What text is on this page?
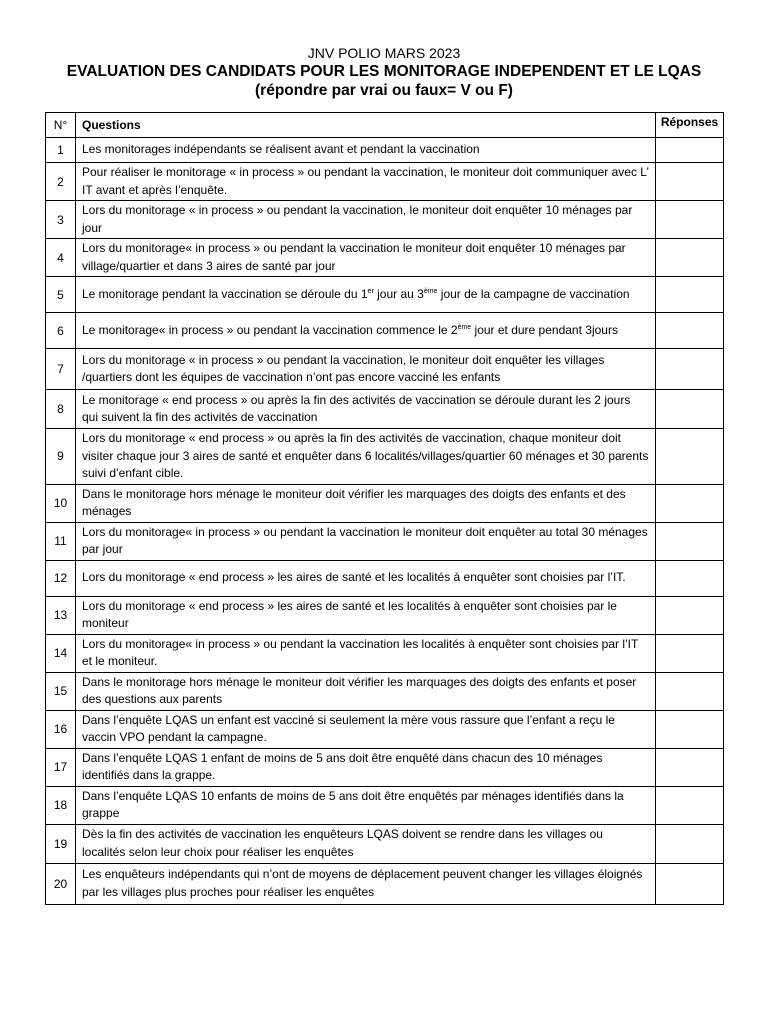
JNV POLIO MARS 2023
EVALUATION DES CANDIDATS POUR LES MONITORAGE INDEPENDENT ET LE LQAS (répondre par vrai ou faux= V ou F)
N°	Questions	Réponses
1	Les monitorages indépendants se réalisent avant et pendant la vaccination	
2	Pour réaliser le monitorage « in process » ou pendant la vaccination, le moniteur doit communiquer avec L’ IT avant et après l’enquête.	
3	Lors du monitorage « in process » ou pendant la vaccination, le moniteur doit enquêter 10 ménages par jour	
4	Lors du monitorage« in process » ou pendant la vaccination le moniteur doit enquêter 10 ménages par village/quartier et dans 3 aires de santé par jour	
5	Le monitorage pendant la vaccination se déroule du 1er jour au 3ème jour de la campagne de vaccination	
6	Le monitorage« in process » ou pendant la vaccination commence le 2ème jour et dure pendant 3jours	
7	Lors du monitorage « in process » ou pendant la vaccination, le moniteur doit enquêter les villages /quartiers dont les équipes de vaccination n’ont pas encore vacciné les enfants	
8	Le monitorage « end process » ou après la fin des activités de vaccination se déroule durant les 2 jours qui suivent la fin des activités de vaccination	
9	Lors du monitorage « end process » ou après la fin des activités de vaccination, chaque moniteur doit visiter chaque jour 3 aires de santé et enquêter dans 6 localités/villages/quartier 60 ménages et 30 parents suivi d’enfant cible.	
10	Dans le monitorage hors ménage le moniteur doit vérifier les marquages des doigts des enfants et des ménages	
11	Lors du monitorage« in process » ou pendant la vaccination le moniteur doit enquêter au total 30 ménages par jour	
12	Lors du monitorage « end process » les aires de santé et les localités à enquêter sont choisies par l’IT.	
13	Lors du monitorage « end process » les aires de santé et les localités à enquêter sont choisies par le moniteur	
14	Lors du monitorage« in process » ou pendant la vaccination les localités à enquêter sont choisies par l’IT et le moniteur.	
15	Dans le monitorage hors ménage le moniteur doit vérifier les marquages des doigts des enfants et poser des questions aux parents	
16	Dans l’enquête LQAS un enfant est vacciné si seulement la mère vous rassure que l’enfant a reçu le vaccin VPO pendant la campagne.	
17	Dans l’enquête LQAS 1 enfant de moins de 5 ans doit être enquêté dans chacun des 10 ménages identifiés dans la grappe.	
18	Dans l’enquête LQAS 10 enfants de moins de 5 ans doit être enquêtés par ménages identifiés dans la grappe	
19	Dès la fin des activités de vaccination les enquêteurs LQAS doivent se rendre dans les villages ou localités selon leur choix pour réaliser les enquêtes	
20	Les enquêteurs indépendants qui n’ont de moyens de déplacement peuvent changer les villages éloignés par les villages plus proches pour réaliser les enquêtes	
